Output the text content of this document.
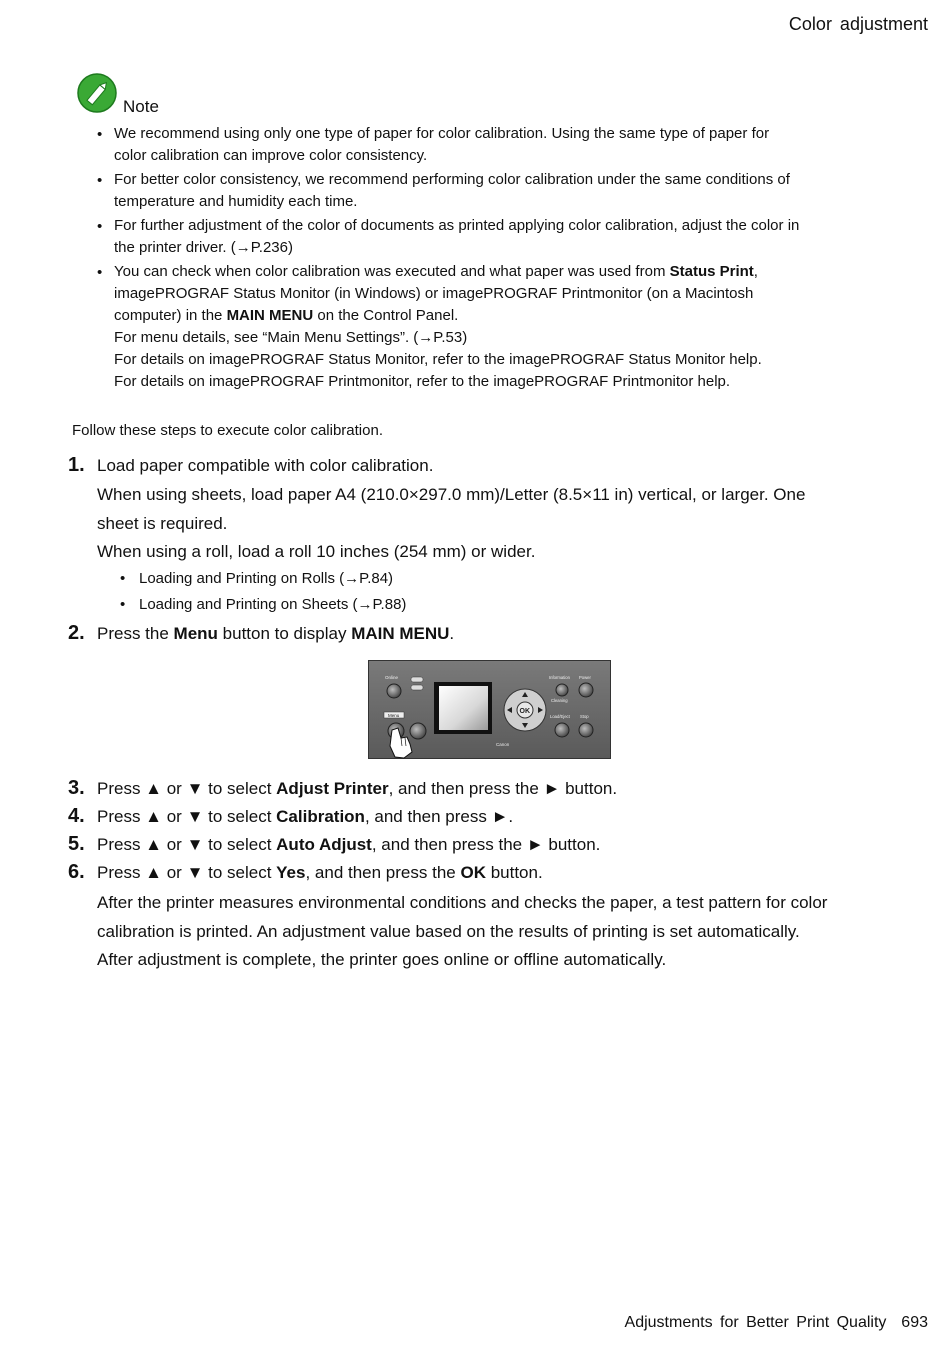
Color adjustment
Note
• We recommend using only one type of paper for color calibration. Using the same type of paper for
color calibration can improve color consistency.
• For better color consistency, we recommend performing color calibration under the same conditions of
temperature and humidity each time.
• For further adjustment of the color of documents as printed applying color calibration, adjust the color in
the printer driver. (→P.236)
• You can check when color calibration was executed and what paper was used from Status Print,
imagePROGRAF Status Monitor (in Windows) or imagePROGRAF Printmonitor (on a Macintosh
computer) in the MAIN MENU on the Control Panel.
For menu details, see “Main Menu Settings”. (→P.53)
For details on imagePROGRAF Status Monitor, refer to the imagePROGRAF Status Monitor help.
For details on imagePROGRAF Printmonitor, refer to the imagePROGRAF Printmonitor help.
Follow these steps to execute color calibration.
1. Load paper compatible with color calibration.
When using sheets, load paper A4 (210.0×297.0 mm)/Letter (8.5×11 in) vertical, or larger. One
sheet is required.
When using a roll, load a roll 10 inches (254 mm) or wider.
• Loading and Printing on Rolls (→P.84)
• Loading and Printing on Sheets (→P.88)
2. Press the Menu button to display MAIN MENU.
Online
Menu
OK
Information Power
Cleaning
Load/Eject Stop
Canon
3. Press ▲ or ▼ to select Adjust Printer, and then press the ► button.
4. Press ▲ or ▼ to select Calibration, and then press ►.
5. Press ▲ or ▼ to select Auto Adjust, and then press the ► button.
6. Press ▲ or ▼ to select Yes, and then press the OK button.
After the printer measures environmental conditions and checks the paper, a test pattern for color
calibration is printed. An adjustment value based on the results of printing is set automatically.
After adjustment is complete, the printer goes online or offline automatically.
Adjustments for Better Print Quality 693
